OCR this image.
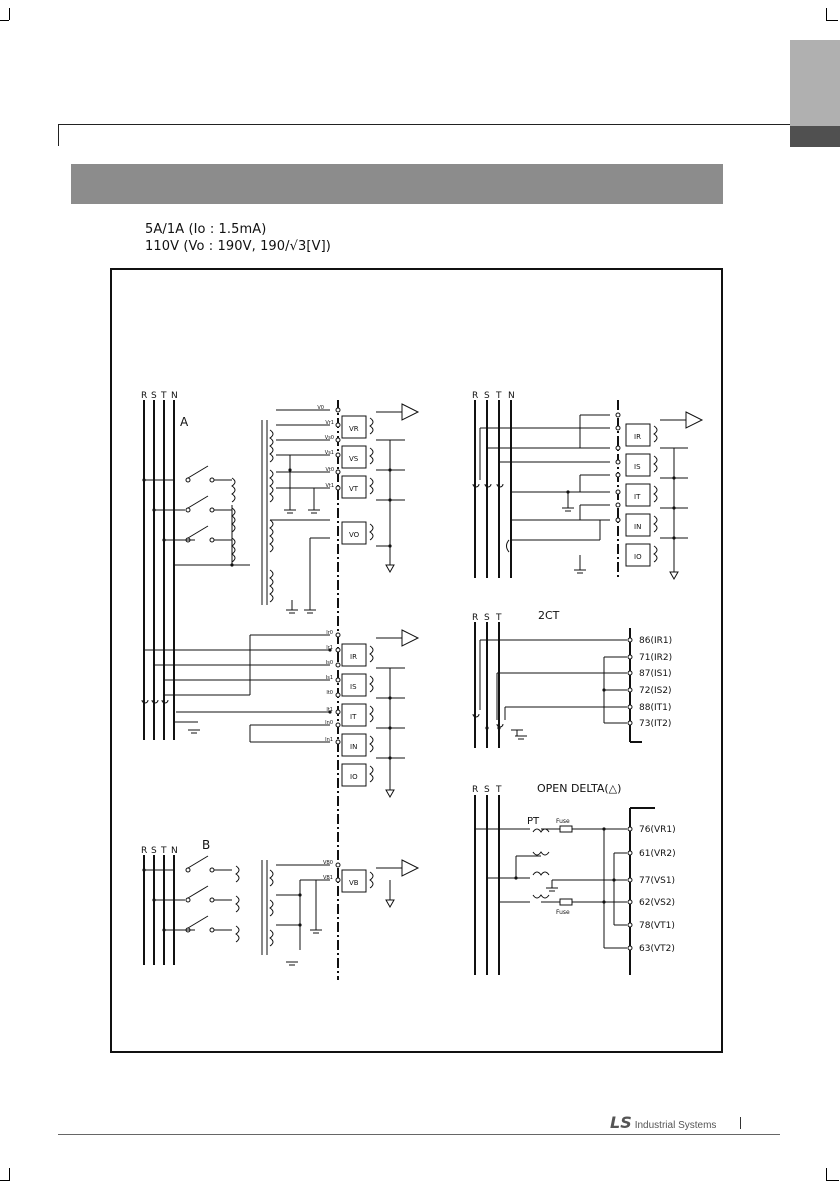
5A/1A (Io : 1.5mA)
110V (Vo : 190V, 190/√3[V])
R S T N
A
V0
Vr1
Vs0
Vs1
Vt0
Vt1
VR
VS
VT
VO
Ir0
Ir1
Is0
Is1
It0
It1
In0
In1
IR
IS
IT
IN
IO
R S T N B
VB0
VB1
VB
R S T N
IR
IS
IT
IN
IO
R S T	2CT
86(IR1)
71(IR2)
87(IS1)
72(IS2)
88(IT1)
73(IT2)
R S T	OPEN DELTA(△)
PT	Fuse
Fuse
76(VR1)
61(VR2)
77(VS1)
62(VS2)
78(VT1)
63(VT2)
LS Industrial Systems
